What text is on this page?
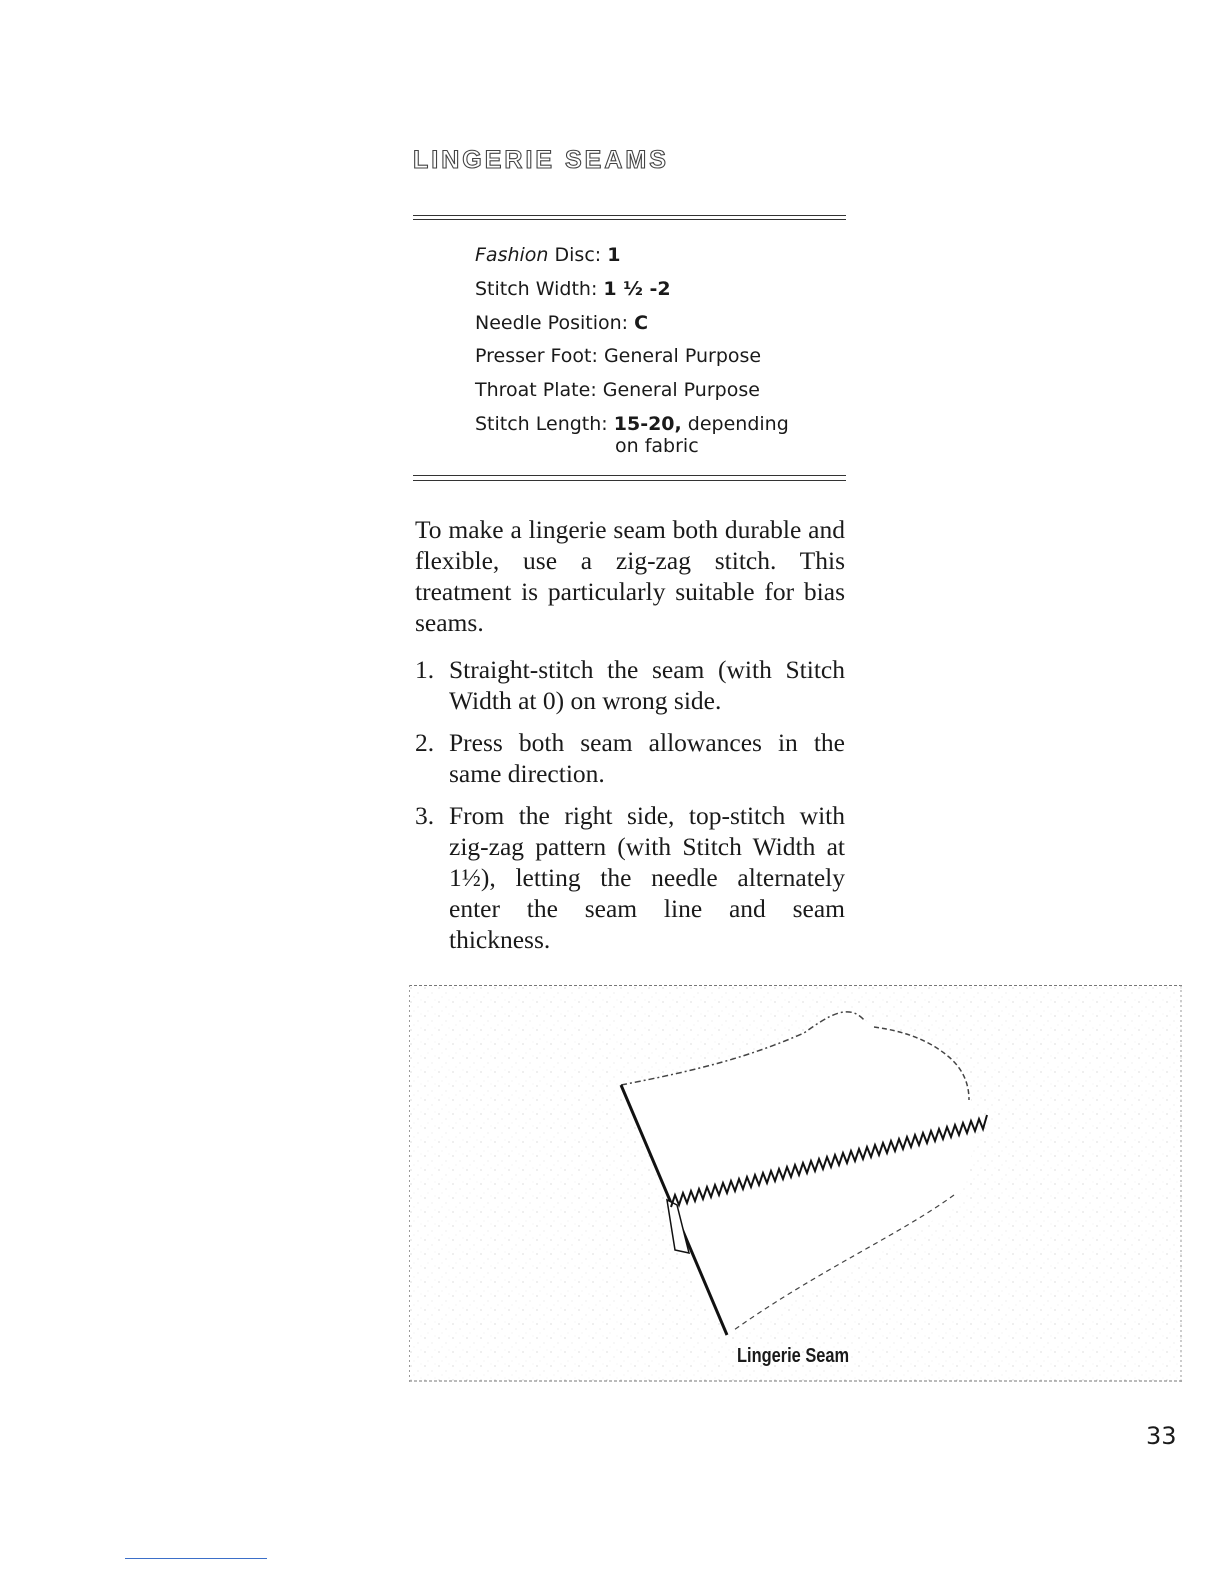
LINGERIE SEAMS
Fashion Disc: 1
Stitch Width: 1 ½ -2
Needle Position: C
Presser Foot: General Purpose
Throat Plate: General Purpose
Stitch Length: 15-20, depending
on fabric

To make a lingerie seam both durable and flexible, use a zig-zag stitch. This treatment is particularly suitable for bias seams.

1. Straight-stitch the seam (with Stitch Width at 0) on wrong side.
2. Press both seam allowances in the same direction.
3. From the right side, top-stitch with zig-zag pattern (with Stitch Width at 1½), letting the needle alternately enter the seam line and seam thickness.
Lingerie Seam
33
